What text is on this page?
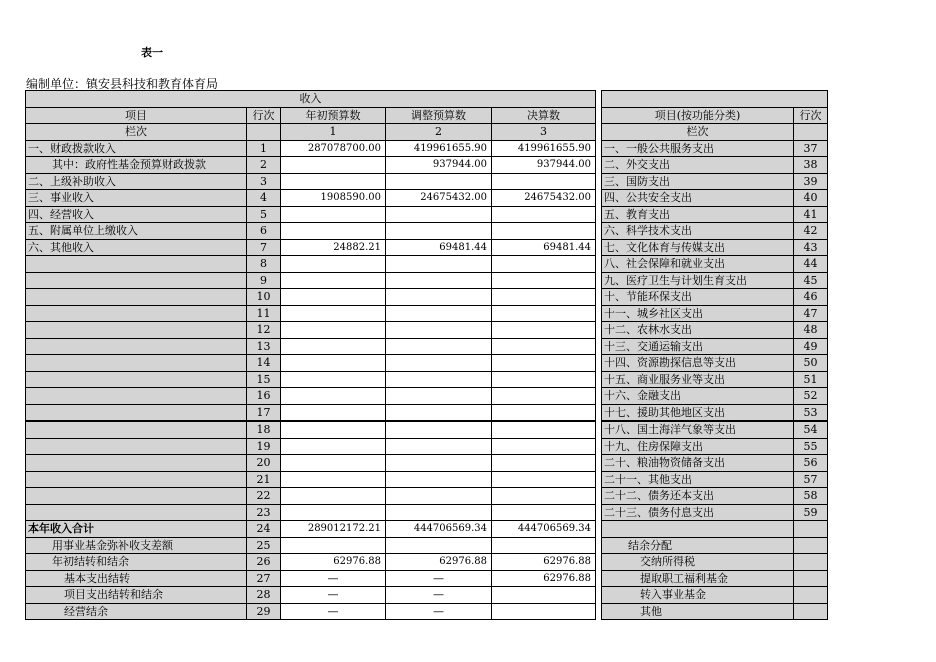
表一
编制单位：镇安县科技和教育体育局
收入							
项目	行次	年初预算数	调整预算数	决算数		项目(按功能分类)	行次
栏次		1	2	3		栏次	
一、财政拨款收入	1	287078700.00	419961655.90	419961655.90		一、一般公共服务支出	37
其中：政府性基金预算财政拨款	2		937944.00	937944.00		二、外交支出	38
二、上级补助收入	3					三、国防支出	39
三、事业收入	4	1908590.00	24675432.00	24675432.00		四、公共安全支出	40
四、经营收入	5					五、教育支出	41
五、附属单位上缴收入	6					六、科学技术支出	42
六、其他收入	7	24882.21	69481.44	69481.44		七、文化体育与传媒支出	43
	8					八、社会保障和就业支出	44
	9					九、医疗卫生与计划生育支出	45
	10					十、节能环保支出	46
	11					十一、城乡社区支出	47
	12					十二、农林水支出	48
	13					十三、交通运输支出	49
	14					十四、资源勘探信息等支出	50
	15					十五、商业服务业等支出	51
	16					十六、金融支出	52
	17					十七、援助其他地区支出	53
	18					十八、国土海洋气象等支出	54
	19					十九、住房保障支出	55
	20					二十、粮油物资储备支出	56
	21					二十一、其他支出	57
	22					二十二、债务还本支出	58
	23					二十三、债务付息支出	59
本年收入合计	24	289012172.21	444706569.34	444706569.34			
用事业基金弥补收支差额	25					结余分配	
年初结转和结余	26	62976.88	62976.88	62976.88		交纳所得税	
基本支出结转	27	—	—	62976.88		提取职工福利基金	
项目支出结转和结余	28	—	—			转入事业基金	
经营结余	29	—	—			其他	
